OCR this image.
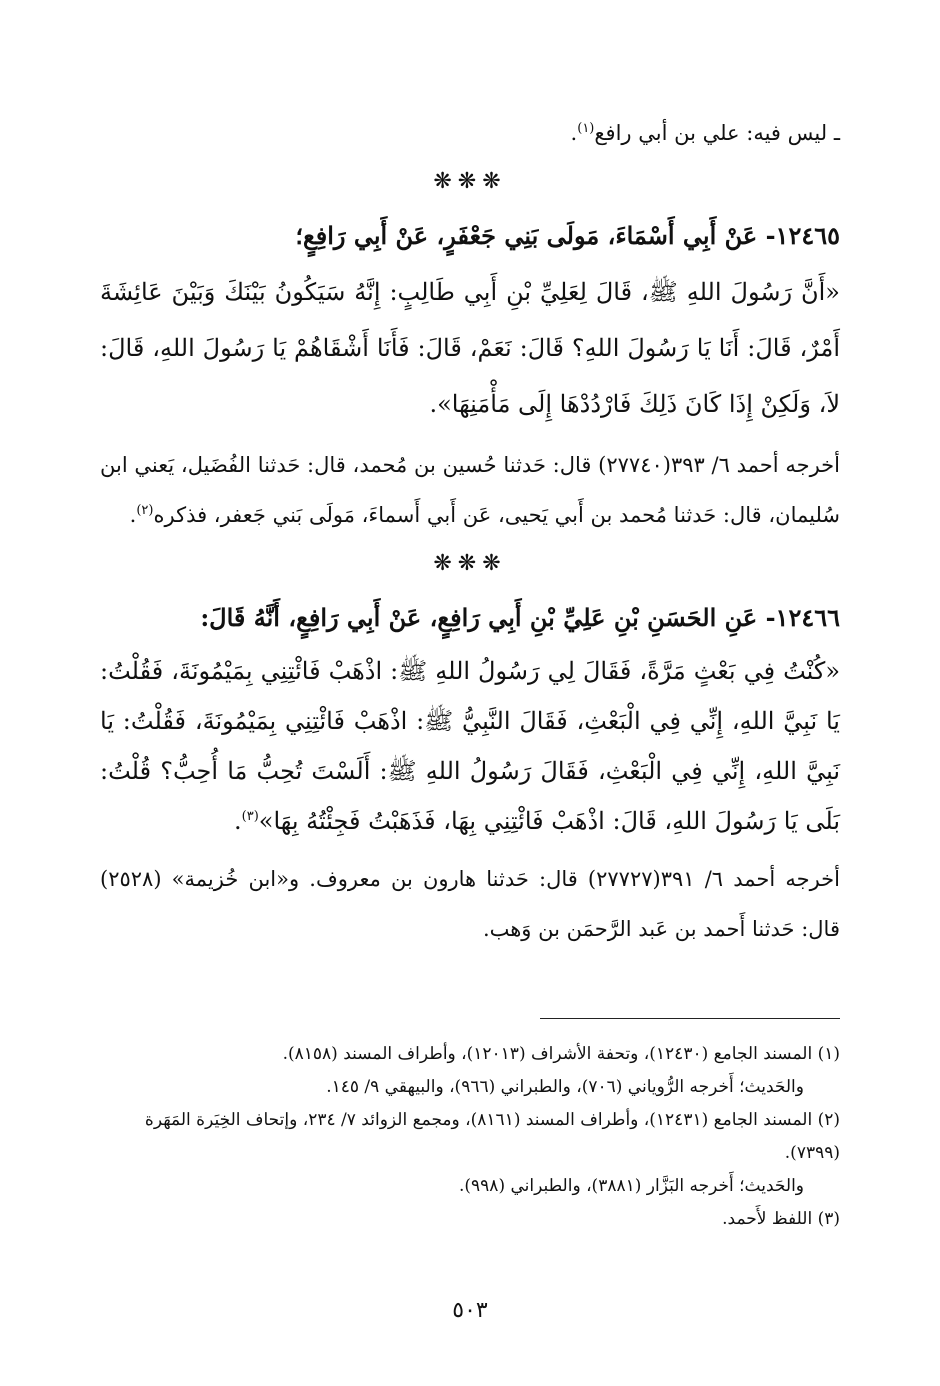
ـ ليس فيه: علي بن أبي رافع$^{(١)}$.

❋❋❋

١٢٤٦٥- عَنْ أَبِي أَسْمَاءَ، مَولَى بَنِي جَعْفَرٍ، عَنْ أَبِي رَافِعٍ؛

«أَنَّ رَسُولَ اللهِ ﷺ، قَالَ لِعَلِيِّ بْنِ أَبِي طَالِبٍ: إِنَّهُ سَيَكُونُ بَيْنَكَ وَبَيْنَ عَائِشَةَ أَمْرٌ، قَالَ: أَنَا يَا رَسُولَ اللهِ؟ قَالَ: نَعَمْ، قَالَ: فَأَنَا أَشْقَاهُمْ يَا رَسُولَ اللهِ، قَالَ: لاَ، وَلَكِنْ إِذَا كَانَ ذَلِكَ فَارْدُدْهَا إِلَى مَأْمَنِهَا».

أخرجه أحمد ٦/ ٣٩٣(٢٧٧٤٠) قال: حَدثنا حُسين بن مُحمد، قال: حَدثنا الفُضَيل، يَعني ابن سُليمان، قال: حَدثنا مُحمد بن أَبي يَحيى، عَن أَبي أَسماءَ، مَولَى بَني جَعفر، فذكره$^{(٢)}$.

❋❋❋

١٢٤٦٦- عَنِ الحَسَنِ بْنِ عَلِيِّ بْنِ أَبِي رَافِعٍ، عَنْ أَبِي رَافِعٍ، أَنَّهُ قَالَ:

«كُنْتُ فِي بَعْثٍ مَرَّةً، فَقَالَ لِي رَسُولُ اللهِ ﷺ: اذْهَبْ فَائْتِنِي بِمَيْمُونَةَ، فَقُلْتُ: يَا نَبِيَّ اللهِ، إِنِّي فِي الْبَعْثِ، فَقَالَ النَّبِيُّ ﷺ: اذْهَبْ فَائْتِنِي بِمَيْمُونَةَ، فَقُلْتُ: يَا نَبِيَّ اللهِ، إِنِّي فِي الْبَعْثِ، فَقَالَ رَسُولُ اللهِ ﷺ: أَلَسْتَ تُحِبُّ مَا أُحِبُّ؟ قُلْتُ: بَلَى يَا رَسُولَ اللهِ، قَالَ: اذْهَبْ فَائْتِنِي بِهَا، فَذَهَبْتُ فَجِئْتُهُ بِهَا»$^{(٣)}$.

أخرجه أحمد ٦/ ٣٩١(٢٧٧٢٧) قال: حَدثنا هارون بن معروف. و«ابن خُزيمة» (٢٥٢٨) قال: حَدثنا أَحمد بن عَبد الرَّحمَن بن وَهب.

(١) المسند الجامع (١٢٤٣٠)، وتحفة الأشراف (١٢٠١٣)، وأطراف المسند (٨١٥٨).

والحَديث؛ أَخرجه الرُّوياني (٧٠٦)، والطبراني (٩٦٦)، والبيهقي ٩/ ١٤٥.

(٢) المسند الجامع (١٢٤٣١)، وأطراف المسند (٨١٦١)، ومجمع الزوائد ٧/ ٢٣٤، وإتحاف الخِيَرة المَهَرة (٧٣٩٩).

والحَديث؛ أَخرجه البَزَّار (٣٨٨١)، والطبراني (٩٩٨).

(٣) اللفظ لأَحمد.

٥٠٣
